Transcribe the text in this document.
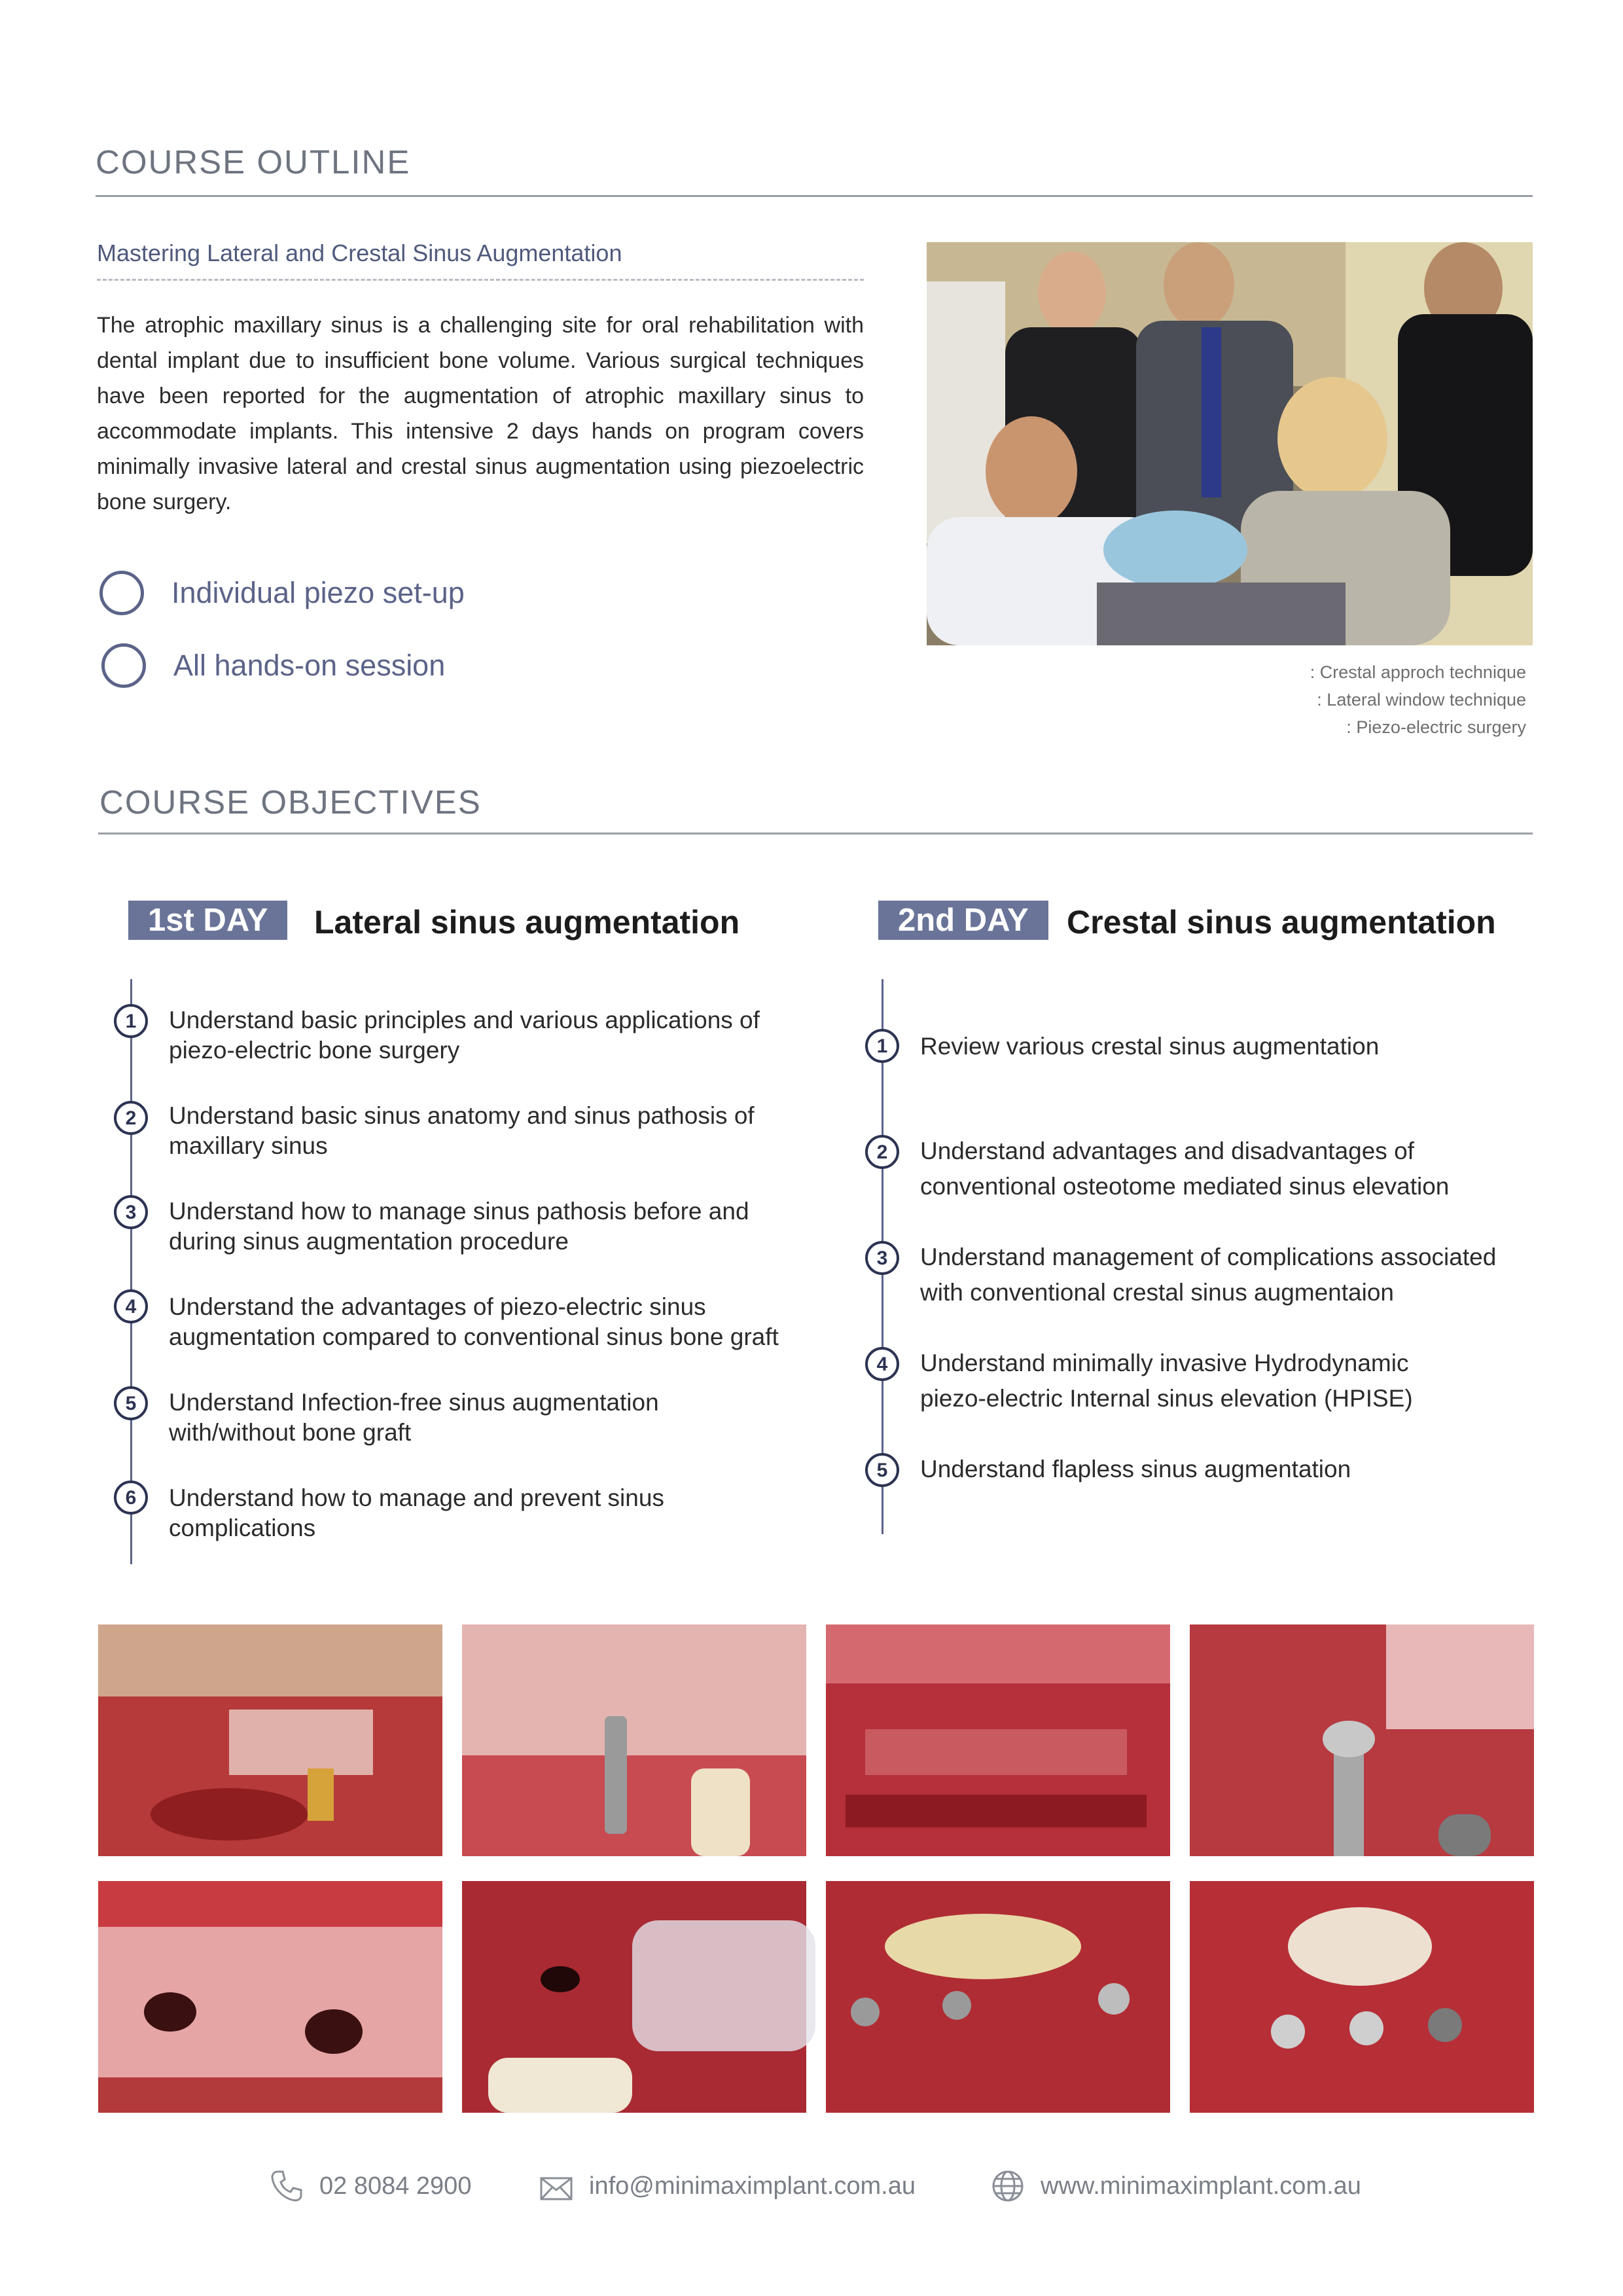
COURSE OUTLINE
Mastering Lateral and Crestal Sinus Augmentation
The atrophic maxillary sinus is a challenging site for oral rehabilitation with dental implant due to insufficient bone volume. Various surgical techniques have been reported for the augmentation of atrophic maxillary sinus to accommodate implants. This intensive 2 days hands on program covers minimally invasive lateral and crestal sinus augmentation using piezoelectric bone surgery.
Individual piezo set-up
All hands-on session	: Crestal approch technique
: Lateral window technique
: Piezo-electric surgery
COURSE OBJECTIVES
1st DAY	Lateral sinus augmentation	2nd DAY	Crestal sinus augmentation
1	Understand basic principles and various applications of
piezo-electric bone surgery
2	Understand basic sinus anatomy and sinus pathosis of
maxillary sinus
3	Understand how to manage sinus pathosis before and
during sinus augmentation procedure
4	Understand the advantages of piezo-electric sinus
augmentation compared to conventional sinus bone graft
5	Understand Infection-free sinus augmentation
with/without bone graft
6	Understand how to manage and prevent sinus
complications
1	Review various crestal sinus augmentation
2	Understand advantages and disadvantages of
conventional osteotome mediated sinus elevation
3	Understand management of complications associated
with conventional crestal sinus augmentaion
4	Understand minimally invasive Hydrodynamic
piezo-electric Internal sinus elevation (HPISE)
5	Understand flapless sinus augmentation
02 8084 2900	info@minimaximplant.com.au	www.minimaximplant.com.au
